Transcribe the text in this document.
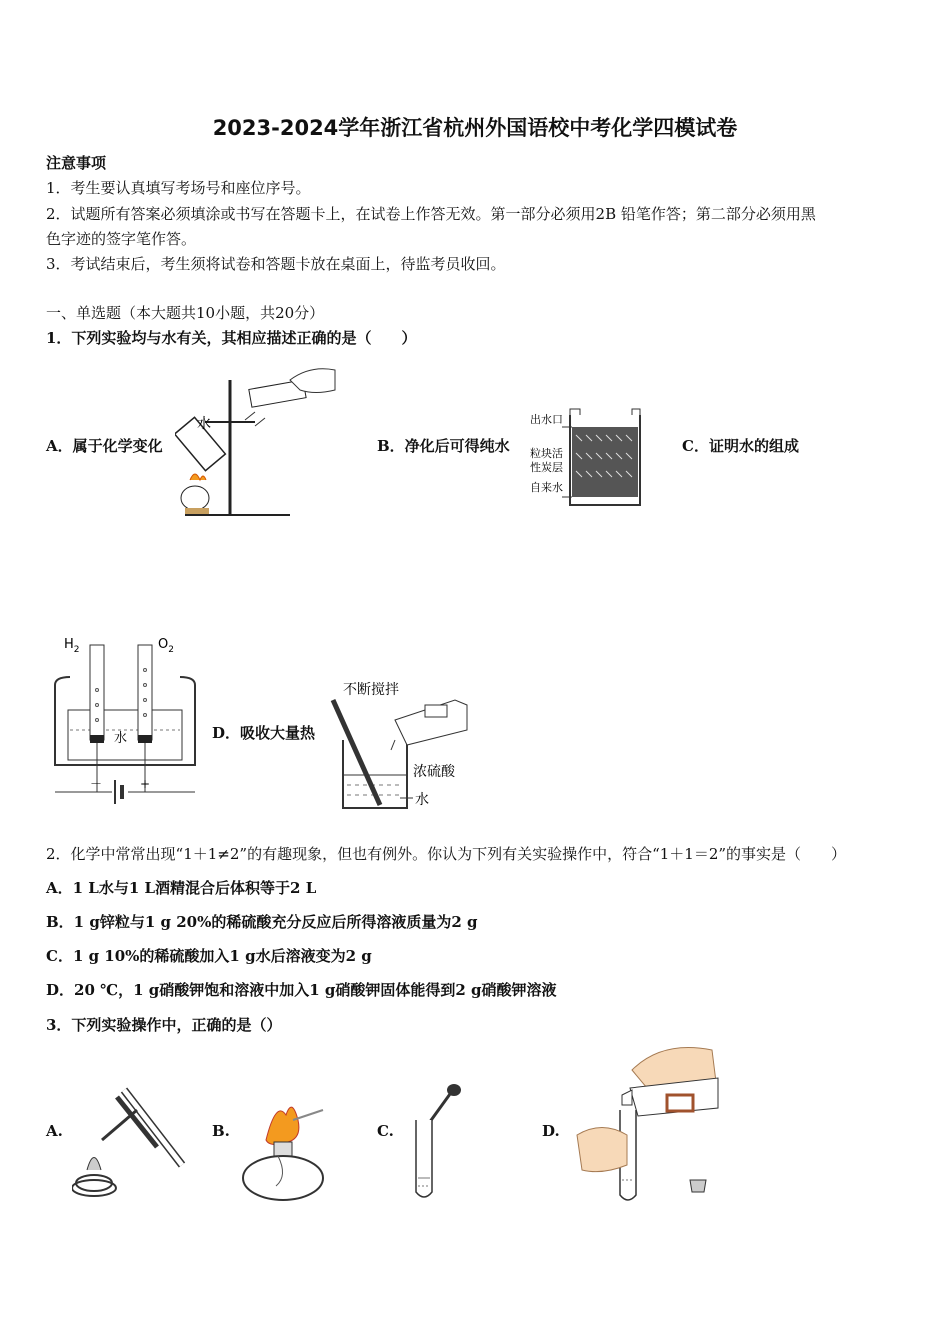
2023-2024学年浙江省杭州外国语校中考化学四模试卷
注意事项
1．考生要认真填写考场号和座位序号。
2．试题所有答案必须填涂或书写在答题卡上，在试卷上作答无效。第一部分必须用2B 铅笔作答；第二部分必须用黑
色字迹的签字笔作答。
3．考试结束后，考生须将试卷和答题卡放在桌面上，待监考员收回。
一、单选题（本大题共10小题，共20分）
1．下列实验均与水有关，其相应描述正确的是（　　）
A．属于化学变化
水
B．净化后可得纯水
出水口
粒块活
性炭层
自来水
C．证明水的组成
$H_2$	$O_2$
水
－	+
D．吸收大量热
不断搅拌
浓硫酸
水
2．化学中常常出现“1＋1≠2”的有趣现象，但也有例外。你认为下列有关实验操作中，符合“1＋1＝2”的事实是（　　）
A．1 L水与1 L酒精混合后体积等于2 L
B．1 g锌粒与1 g 20%的稀硫酸充分反应后所得溶液质量为2 g
C．1 g 10%的稀硫酸加入1 g水后溶液变为2 g
D．20 ℃，1 g硝酸钾饱和溶液中加入1 g硝酸钾固体能得到2 g硝酸钾溶液
3．下列实验操作中，正确的是（）
A.	B.	C.	D.
